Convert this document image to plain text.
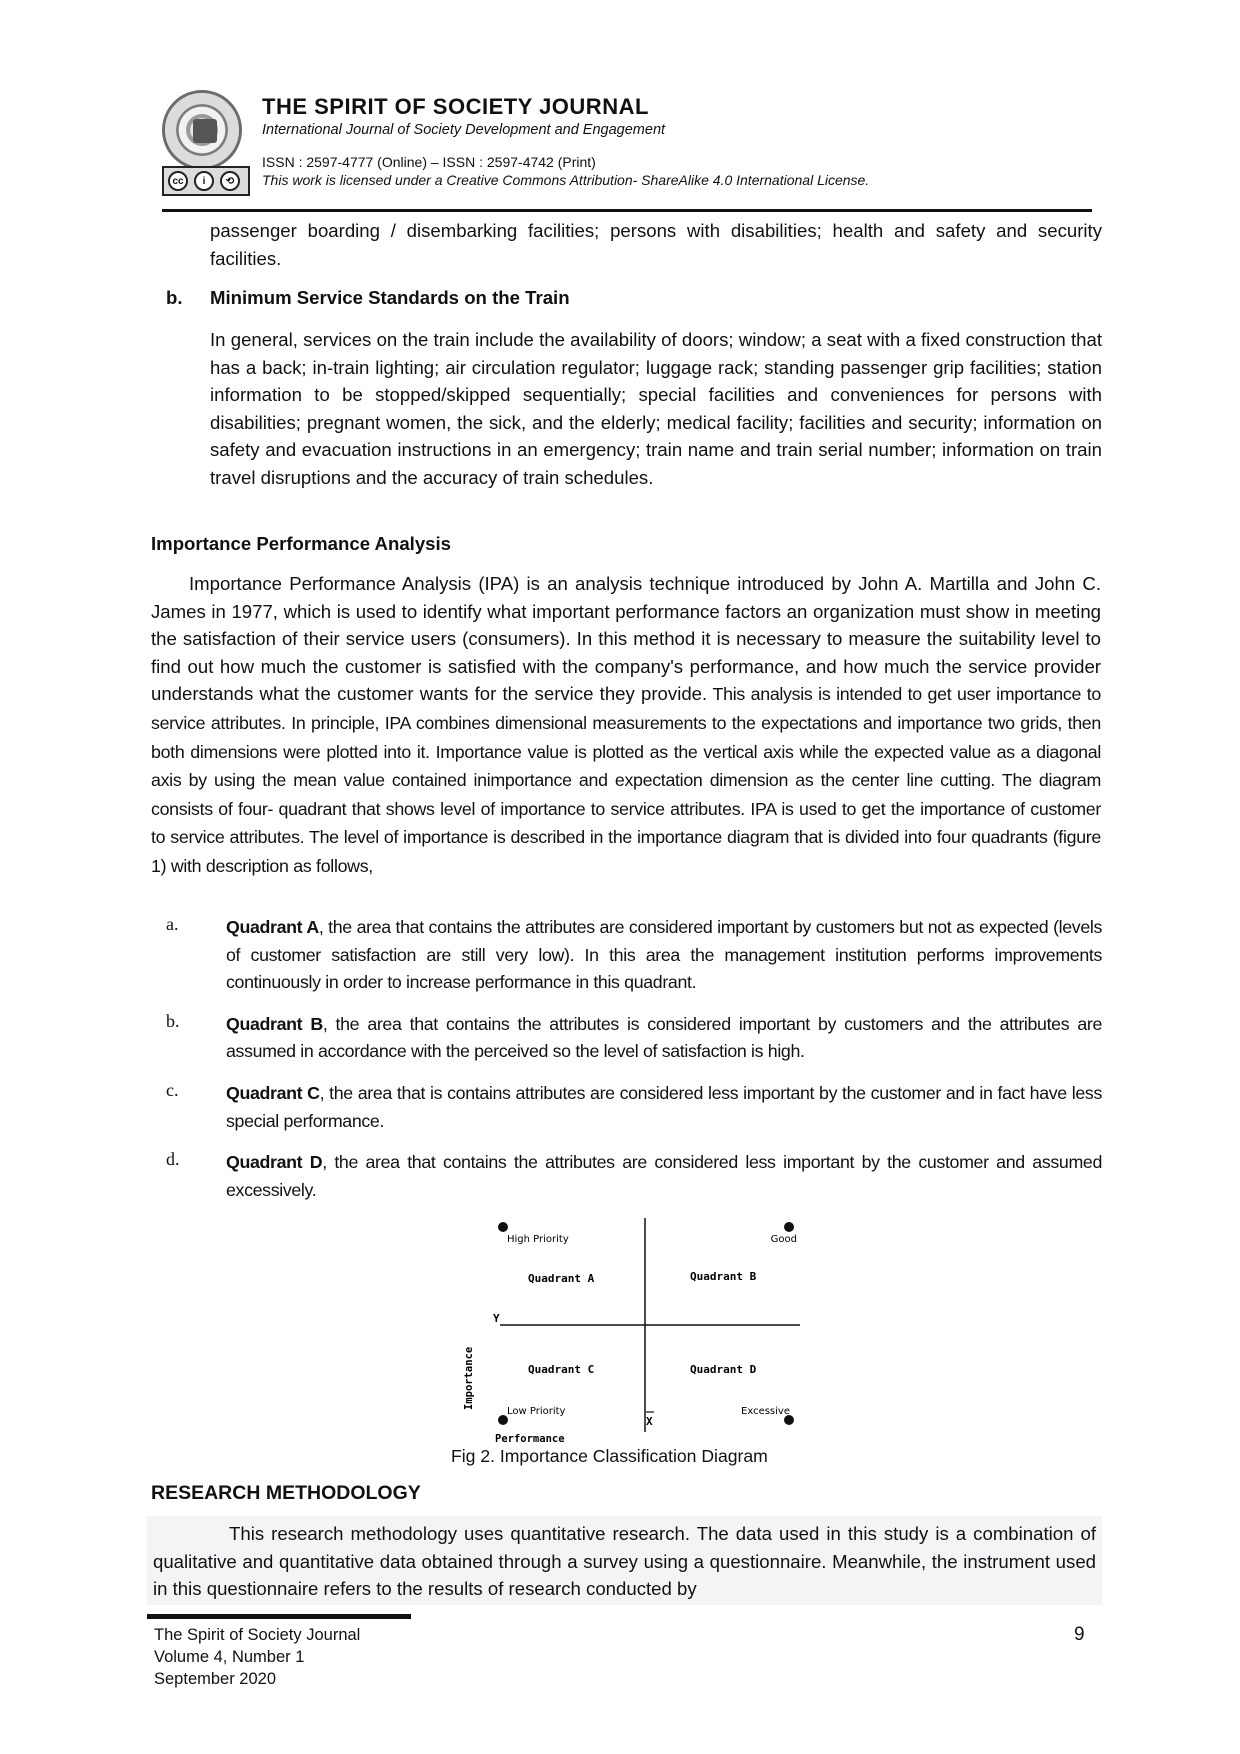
cc	i	⟲
THE SPIRIT OF SOCIETY JOURNAL
International Journal of Society Development and Engagement
ISSN : 2597-4777 (Online) – ISSN : 2597-4742 (Print)
This work is licensed under a Creative Commons Attribution- ShareAlike 4.0 International License.

passenger boarding / disembarking facilities; persons with disabilities; health and safety and security facilities.

b. Minimum Service Standards on the Train

In general, services on the train include the availability of doors; window; a seat with a fixed construction that has a back; in-train lighting; air circulation regulator; luggage rack; standing passenger grip facilities; station information to be stopped/skipped sequentially; special facilities and conveniences for persons with disabilities; pregnant women, the sick, and the elderly; medical facility; facilities and security; information on safety and evacuation instructions in an emergency; train name and train serial number; information on train travel disruptions and the accuracy of train schedules.

Importance Performance Analysis

Importance Performance Analysis (IPA) is an analysis technique introduced by John A. Martilla and John C. James in 1977, which is used to identify what important performance factors an organization must show in meeting the satisfaction of their service users (consumers). In this method it is necessary to measure the suitability level to find out how much the customer is satisfied with the company's performance, and how much the service provider understands what the customer wants for the service they provide. This analysis is intended to get user importance to service attributes. In principle, IPA combines dimensional measurements to the expectations and importance two grids, then both dimensions were plotted into it. Importance value is plotted as the vertical axis while the expected value as a diagonal axis by using the mean value contained inimportance and expectation dimension as the center line cutting. The diagram consists of four- quadrant that shows level of importance to service attributes. IPA is used to get the importance of customer to service attributes. The level of importance is described in the importance diagram that is divided into four quadrants (figure 1) with description as follows,

a.	Quadrant A, the area that contains the attributes are considered important by customers but not as expected (levels of customer satisfaction are still very low). In this area the management institution performs improvements continuously in order to increase performance in this quadrant.

b.	Quadrant B, the area that contains the attributes is considered important by customers and the attributes are assumed in accordance with the perceived so the level of satisfaction is high.

c.	Quadrant C, the area that is contains attributes are considered less important by the customer and in fact have less special performance.

d.	Quadrant D, the area that contains the attributes are considered less important by the customer and assumed excessively.

High Priority	Good
Quadrant A	Quadrant B
Y
Quadrant C	Quadrant D
Low Priority	Excessive
X
Importance
Performance
Fig 2. Importance Classification Diagram
RESEARCH METHODOLOGY

This research methodology uses quantitative research. The data used in this study is a combination of qualitative and quantitative data obtained through a survey using a questionnaire. Meanwhile, the instrument used in this questionnaire refers to the results of research conducted by

The Spirit of Society Journal
Volume 4, Number 1
September 2020
9
